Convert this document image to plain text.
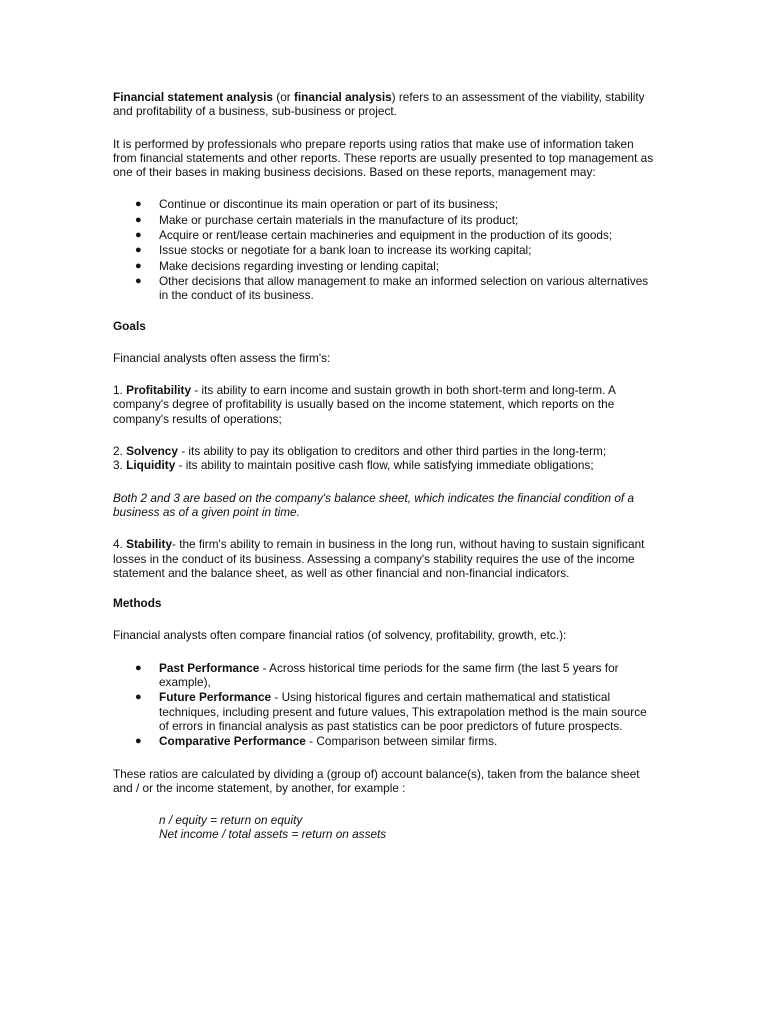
Financial statement analysis (or financial analysis) refers to an assessment of the viability, stability and profitability of a business, sub-business or project.

It is performed by professionals who prepare reports using ratios that make use of information taken from financial statements and other reports. These reports are usually presented to top management as one of their bases in making business decisions. Based on these reports, management may:

● Continue or discontinue its main operation or part of its business;
● Make or purchase certain materials in the manufacture of its product;
● Acquire or rent/lease certain machineries and equipment in the production of its goods;
● Issue stocks or negotiate for a bank loan to increase its working capital;
● Make decisions regarding investing or lending capital;
● Other decisions that allow management to make an informed selection on various alternatives in the conduct of its business.

Goals

Financial analysts often assess the firm's:

1. Profitability - its ability to earn income and sustain growth in both short-term and long-term. A company's degree of profitability is usually based on the income statement, which reports on the company's results of operations;

2. Solvency - its ability to pay its obligation to creditors and other third parties in the long-term;

3. Liquidity - its ability to maintain positive cash flow, while satisfying immediate obligations;

Both 2 and 3 are based on the company's balance sheet, which indicates the financial condition of a business as of a given point in time.

4. Stability- the firm's ability to remain in business in the long run, without having to sustain significant losses in the conduct of its business. Assessing a company's stability requires the use of the income statement and the balance sheet, as well as other financial and non-financial indicators.

Methods

Financial analysts often compare financial ratios (of solvency, profitability, growth, etc.):

● Past Performance - Across historical time periods for the same firm (the last 5 years for example),
● Future Performance - Using historical figures and certain mathematical and statistical techniques, including present and future values, This extrapolation method is the main source of errors in financial analysis as past statistics can be poor predictors of future prospects.
● Comparative Performance - Comparison between similar firms.

These ratios are calculated by dividing a (group of) account balance(s), taken from the balance sheet and / or the income statement, by another, for example :

n / equity = return on equity

Net income / total assets = return on assets
